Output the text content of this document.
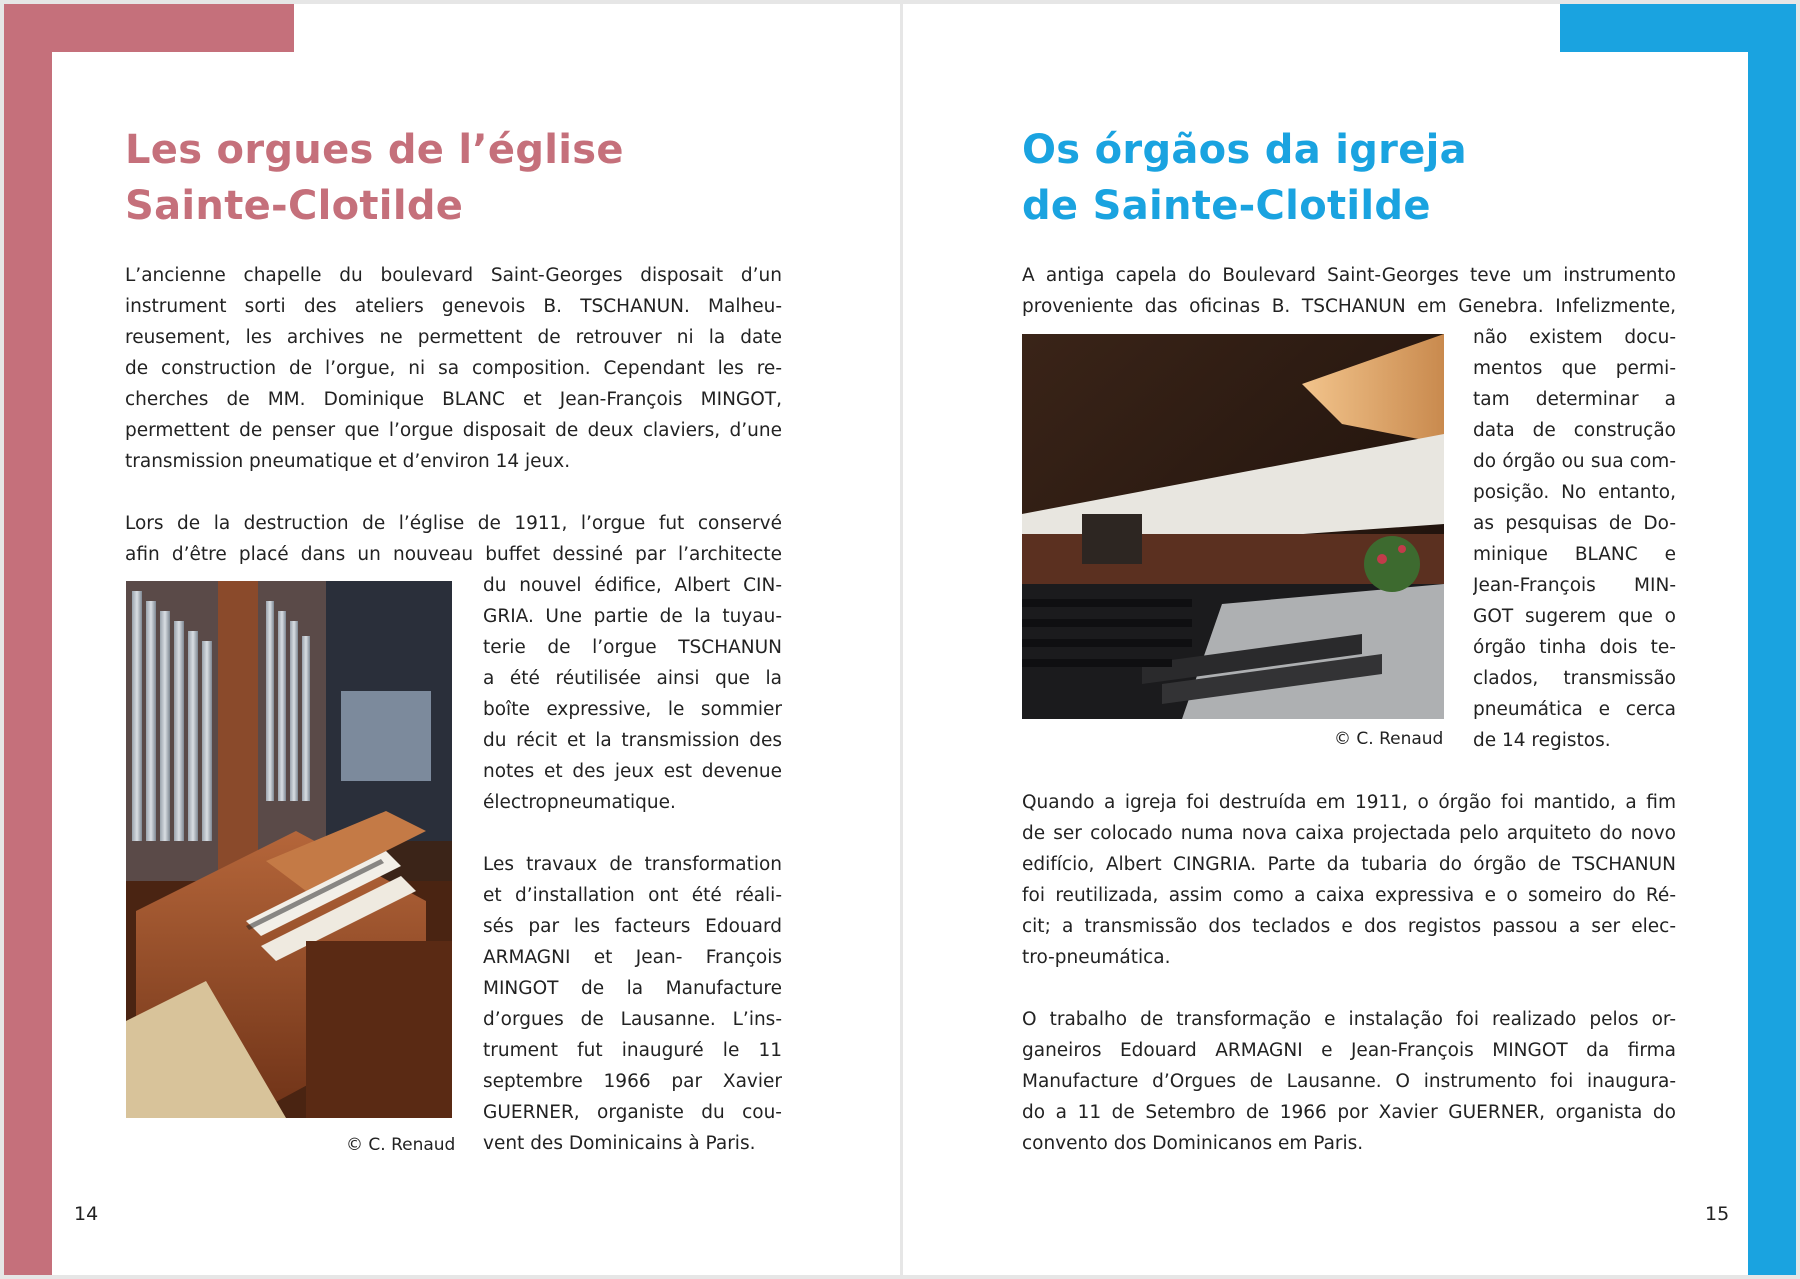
Les orgues de l’église
Sainte-Clotilde
L’ancienne chapelle du boulevard Saint-Georges disposait d’un
instrument sorti des ateliers genevois B. TSCHANUN. Malheu-
reusement, les archives ne permettent de retrouver ni la date
de construction de l’orgue, ni sa composition. Cependant les re-
cherches de MM. Dominique BLANC et Jean-François MINGOT,
permettent de penser que l’orgue disposait de deux claviers, d’une
transmission pneumatique et d’environ 14 jeux.
Lors de la destruction de l’église de 1911, l’orgue fut conservé
afin d’être placé dans un nouveau buffet dessiné par l’architecte

© C. Renaud

du nouvel édifice, Albert CIN-
GRIA. Une partie de la tuyau-
terie de l’orgue TSCHANUN
a été réutilisée ainsi que la
boîte expressive, le sommier
du récit et la transmission des
notes et des jeux est devenue
électropneumatique.
Les travaux de transformation
et d’installation ont été réali-
sés par les facteurs Edouard
ARMAGNI et Jean- François
MINGOT de la Manufacture
d’orgues de Lausanne. L’ins-
trument fut inauguré le 11
septembre 1966 par Xavier
GUERNER, organiste du cou-
vent des Dominicains à Paris.

14

Os órgãos da igreja
de Sainte-Clotilde
A antiga capela do Boulevard Saint-Georges teve um instrumento
proveniente das oficinas B. TSCHANUN em Genebra. Infelizmente,

© C. Renaud

não existem docu-
mentos que permi-
tam determinar a
data de construção
do órgão ou sua com-
posição. No entanto,
as pesquisas de Do-
minique BLANC e
Jean-François MIN-
GOT sugerem que o
órgão tinha dois te-
clados, transmissão
pneumática e cerca
de 14 registos.
Quando a igreja foi destruída em 1911, o órgão foi mantido, a fim
de ser colocado numa nova caixa projectada pelo arquiteto do novo
edifício, Albert CINGRIA. Parte da tubaria do órgão de TSCHANUN
foi reutilizada, assim como a caixa expressiva e o someiro do Ré-
cit; a transmissão dos teclados e dos registos passou a ser elec-
tro-pneumática.
O trabalho de transformação e instalação foi realizado pelos or-
ganeiros Edouard ARMAGNI e Jean-François MINGOT da firma
Manufacture d’Orgues de Lausanne. O instrumento foi inaugura-
do a 11 de Setembro de 1966 por Xavier GUERNER, organista do
convento dos Dominicanos em Paris.

15
